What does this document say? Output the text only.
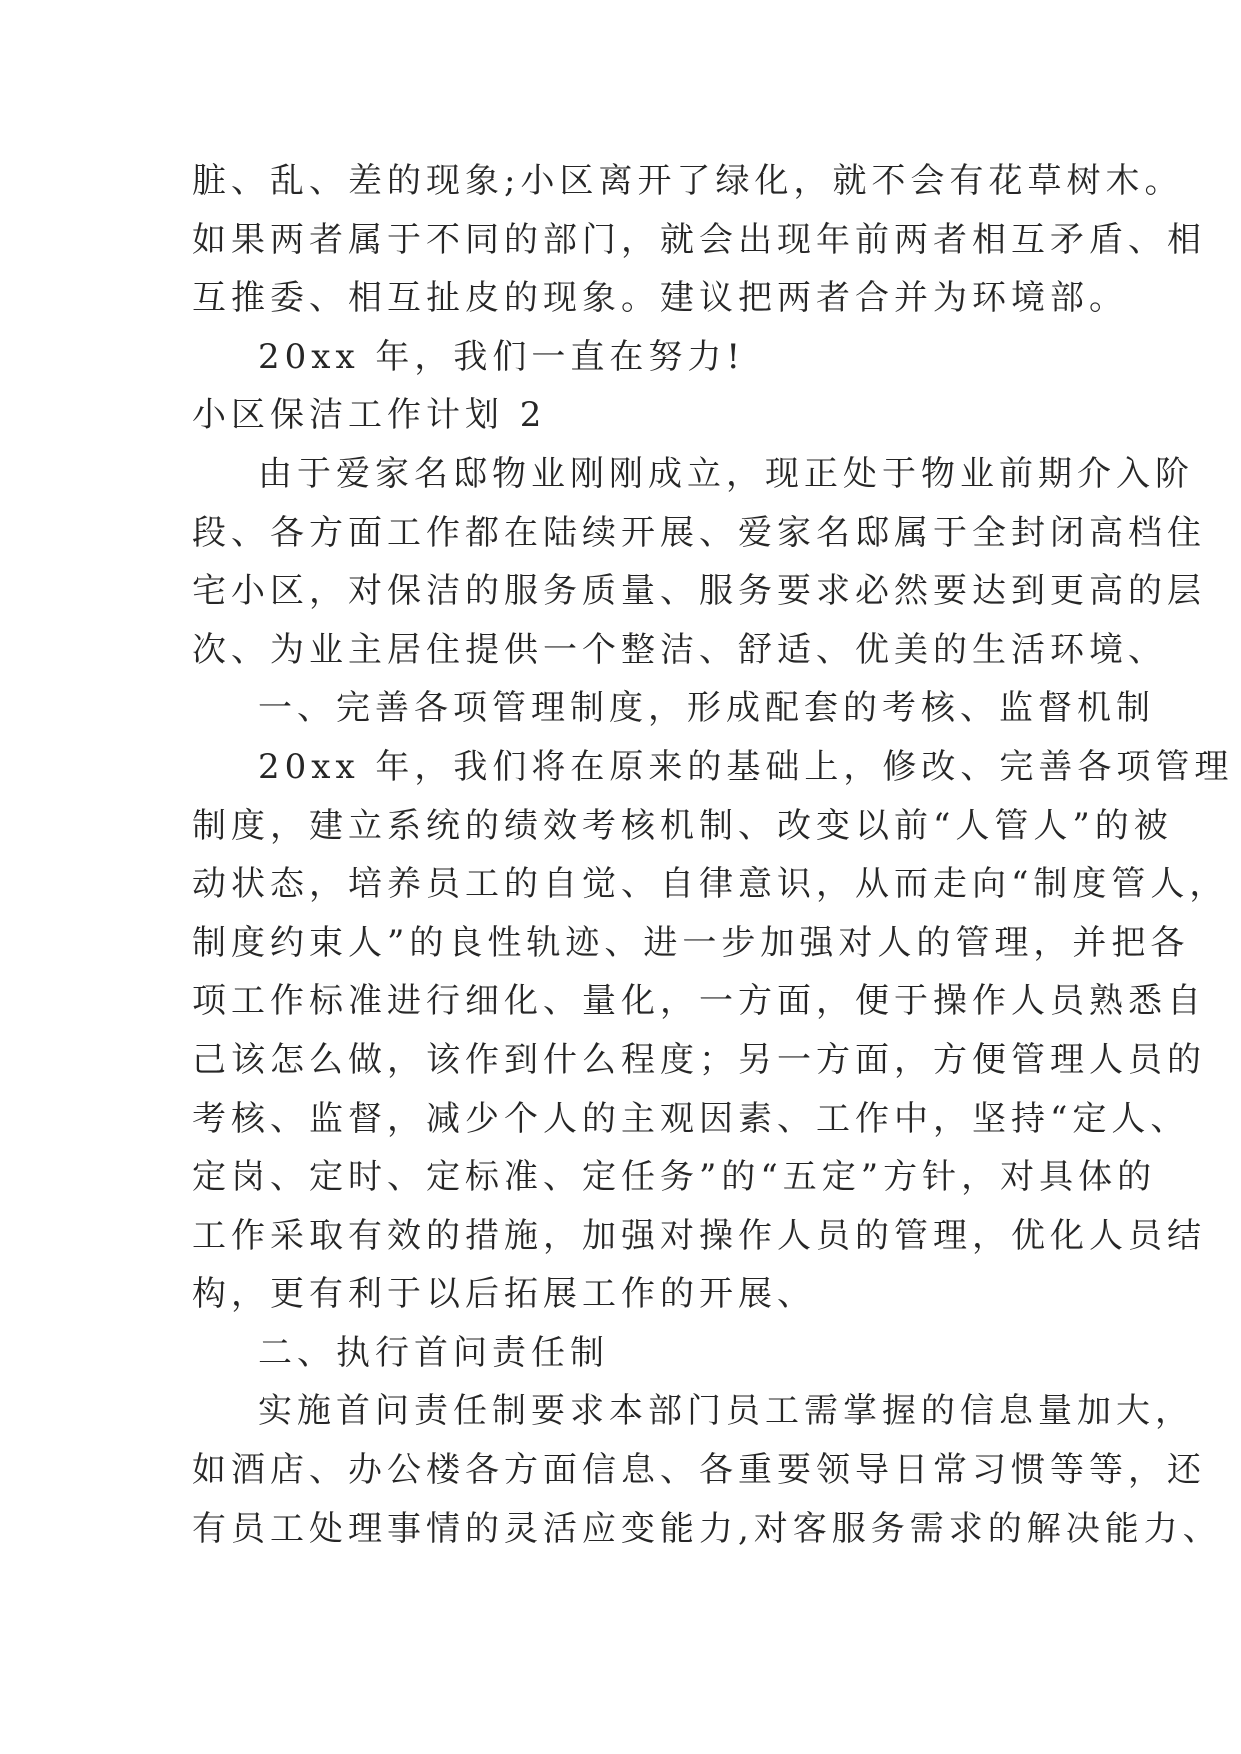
脏、乱、差的现象;小区离开了绿化，就不会有花草树木。
如果两者属于不同的部门，就会出现年前两者相互矛盾、相
互推委、相互扯皮的现象。建议把两者合并为环境部。
20xx 年，我们一直在努力!
小区保洁工作计划 2
由于爱家名邸物业刚刚成立，现正处于物业前期介入阶
段、各方面工作都在陆续开展、爱家名邸属于全封闭高档住
宅小区，对保洁的服务质量、服务要求必然要达到更高的层
次、为业主居住提供一个整洁、舒适、优美的生活环境、
一、完善各项管理制度，形成配套的考核、监督机制
20xx 年，我们将在原来的基础上，修改、完善各项管理
制度，建立系统的绩效考核机制、改变以前“人管人”的被
动状态，培养员工的自觉、自律意识，从而走向“制度管人，
制度约束人”的良性轨迹、进一步加强对人的管理，并把各
项工作标准进行细化、量化，一方面，便于操作人员熟悉自
己该怎么做，该作到什么程度；另一方面，方便管理人员的
考核、监督，减少个人的主观因素、工作中，坚持“定人、
定岗、定时、定标准、定任务”的“五定”方针，对具体的
工作采取有效的措施，加强对操作人员的管理，优化人员结
构，更有利于以后拓展工作的开展、
二、执行首问责任制
实施首问责任制要求本部门员工需掌握的信息量加大，
如酒店、办公楼各方面信息、各重要领导日常习惯等等，还
有员工处理事情的灵活应变能力,对客服务需求的解决能力、
